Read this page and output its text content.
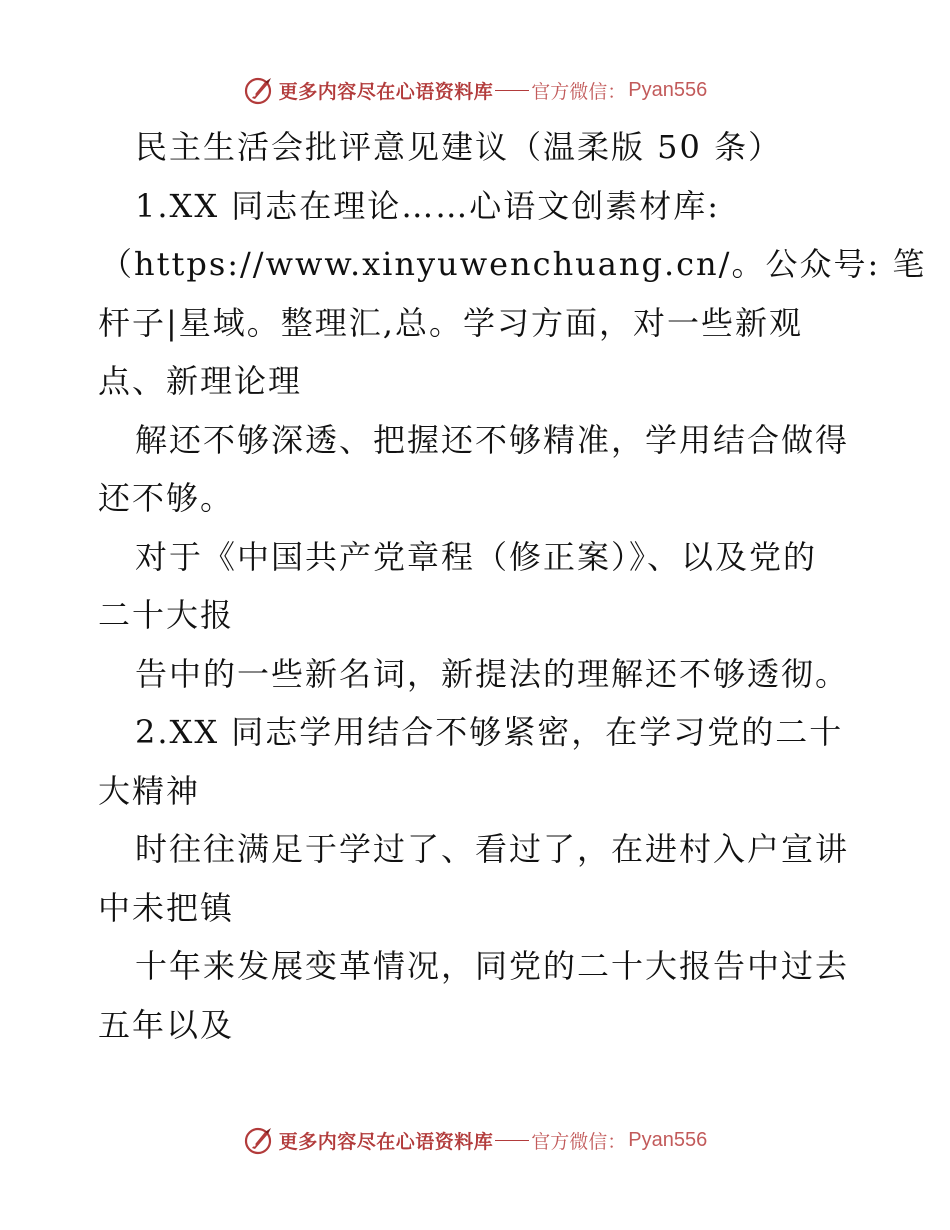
更多内容尽在心语资料库 官方微信： Pyan556
民主生活会批评意见建议（温柔版 50 条）
1.XX 同志在理论……心语文创素材库:
（https://www.xinyuwenchuang.cn/。公众号: 笔
杆子|星域。整理汇,总。学习方面，对一些新观
点、新理论理
解还不够深透、把握还不够精准，学用结合做得
还不够。
对于《中国共产党章程（修正案）》、以及党的
二十大报
告中的一些新名词，新提法的理解还不够透彻。
2.XX 同志学用结合不够紧密，在学习党的二十
大精神
时往往满足于学过了、看过了，在进村入户宣讲
中未把镇
十年来发展变革情况，同党的二十大报告中过去
五年以及
更多内容尽在心语资料库 官方微信： Pyan556
